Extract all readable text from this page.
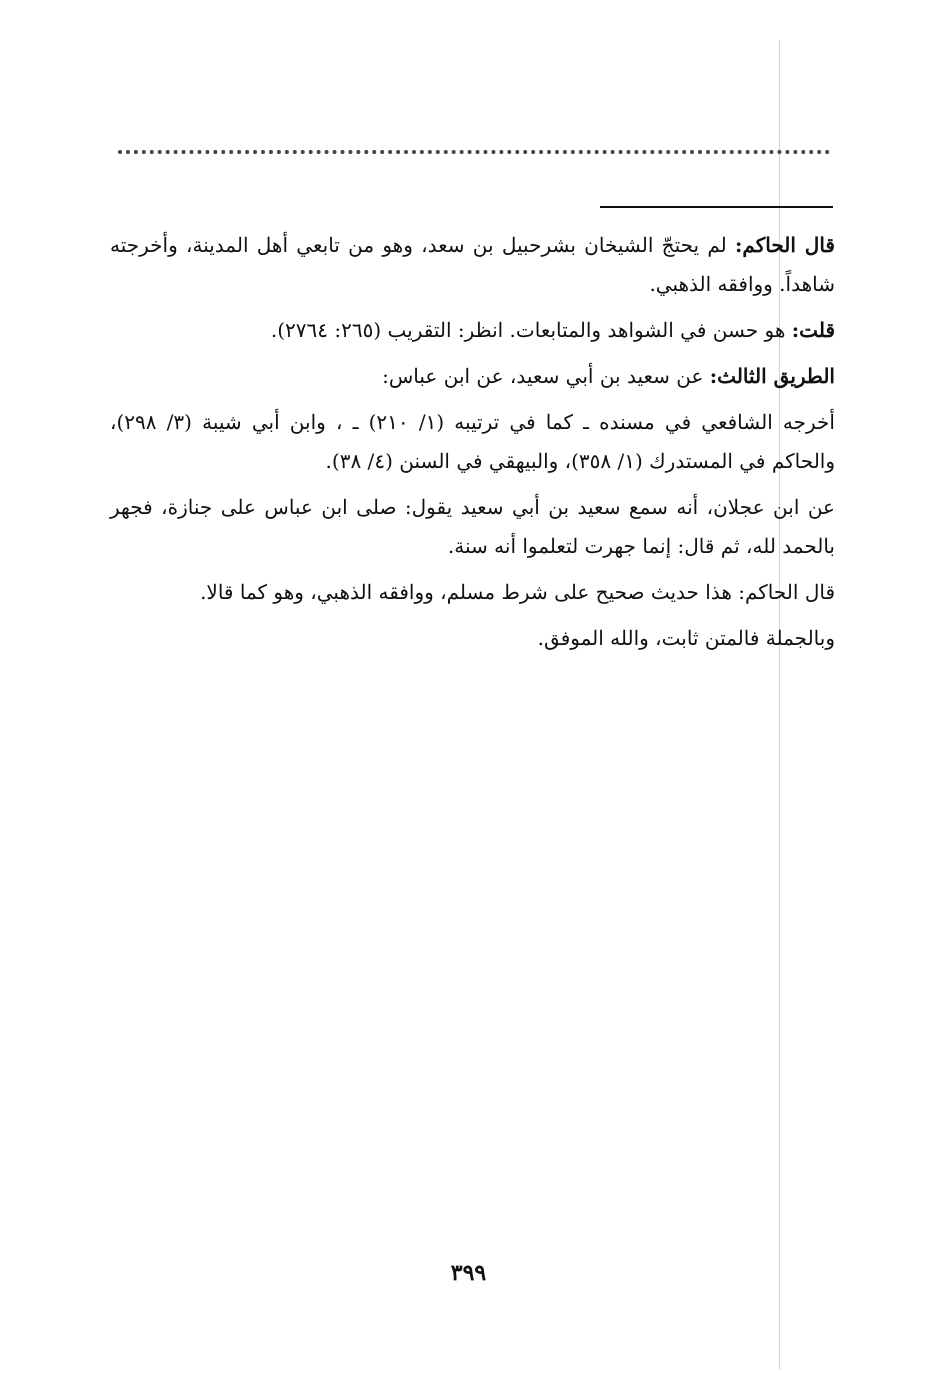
قال الحاكم: لم يحتجّ الشيخان بشرحبيل بن سعد، وهو من تابعي أهل المدينة، وأخرجته شاهداً. ووافقه الذهبي.

قلت: هو حسن في الشواهد والمتابعات. انظر: التقريب (٢٦٥: ٢٧٦٤).

الطريق الثالث: عن سعيد بن أبي سعيد، عن ابن عباس:

أخرجه الشافعي في مسنده ـ كما في ترتيبه (١/ ٢١٠) ـ ، وابن أبي شيبة (٣/ ٢٩٨)، والحاكم في المستدرك (١/ ٣٥٨)، والبيهقي في السنن (٤/ ٣٨).

عن ابن عجلان، أنه سمع سعيد بن أبي سعيد يقول: صلى ابن عباس على جنازة، فجهر بالحمد لله، ثم قال: إنما جهرت لتعلموا أنه سنة.

قال الحاكم: هذا حديث صحيح على شرط مسلم، ووافقه الذهبي، وهو كما قالا.

وبالجملة فالمتن ثابت، والله الموفق.

٣٩٩
